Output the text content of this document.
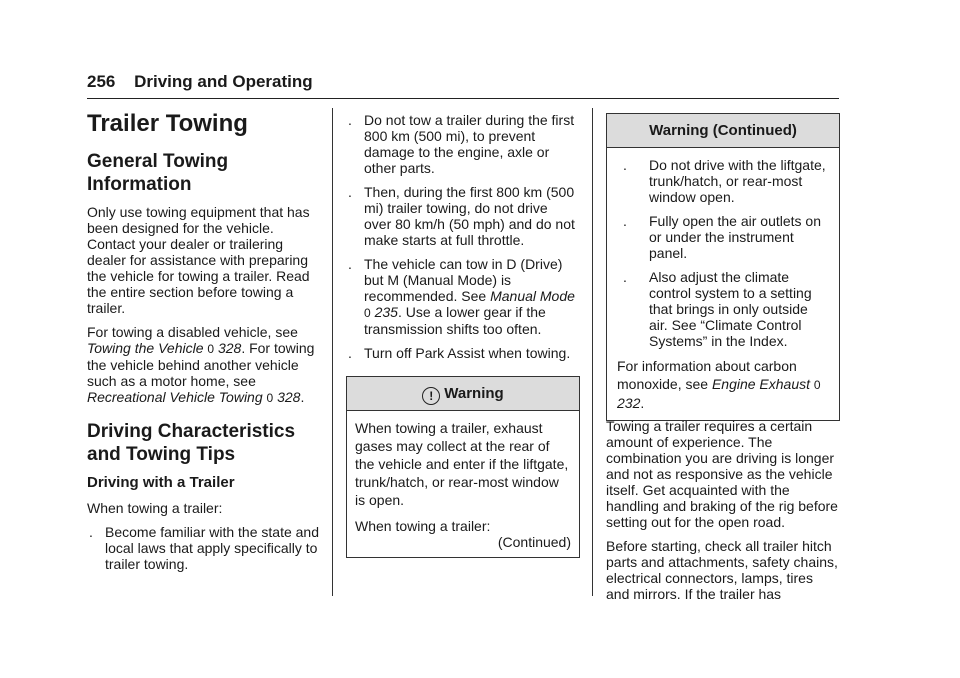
256 Driving and Operating
Trailer Towing
General Towing Information

Only use towing equipment that has been designed for the vehicle. Contact your dealer or trailering dealer for assistance with preparing the vehicle for towing a trailer. Read the entire section before towing a trailer.

For towing a disabled vehicle, see Towing the Vehicle 0 328. For towing the vehicle behind another vehicle such as a motor home, see Recreational Vehicle Towing 0 328.

Driving Characteristics and Towing Tips
Driving with a Trailer

When towing a trailer:

. Become familiar with the state and local laws that apply specifically to trailer towing.
. Do not tow a trailer during the first 800 km (500 mi), to prevent damage to the engine, axle or other parts.
. Then, during the first 800 km (500 mi) trailer towing, do not drive over 80 km/h (50 mph) and do not make starts at full throttle.
. The vehicle can tow in D (Drive) but M (Manual Mode) is recommended. See Manual Mode 0 235. Use a lower gear if the transmission shifts too often.
. Turn off Park Assist when towing.
! Warning

When towing a trailer, exhaust gases may collect at the rear of the vehicle and enter if the liftgate, trunk/hatch, or rear-most window is open.

When towing a trailer:

(Continued)
Warning (Continued)
. Do not drive with the liftgate, trunk/hatch, or rear-most window open.
. Fully open the air outlets on or under the instrument panel.
. Also adjust the climate control system to a setting that brings in only outside air. See “Climate Control Systems” in the Index.

For information about carbon monoxide, see Engine Exhaust 0 232.

Towing a trailer requires a certain amount of experience. The combination you are driving is longer and not as responsive as the vehicle itself. Get acquainted with the handling and braking of the rig before setting out for the open road.

Before starting, check all trailer hitch parts and attachments, safety chains, electrical connectors, lamps, tires and mirrors. If the trailer has
